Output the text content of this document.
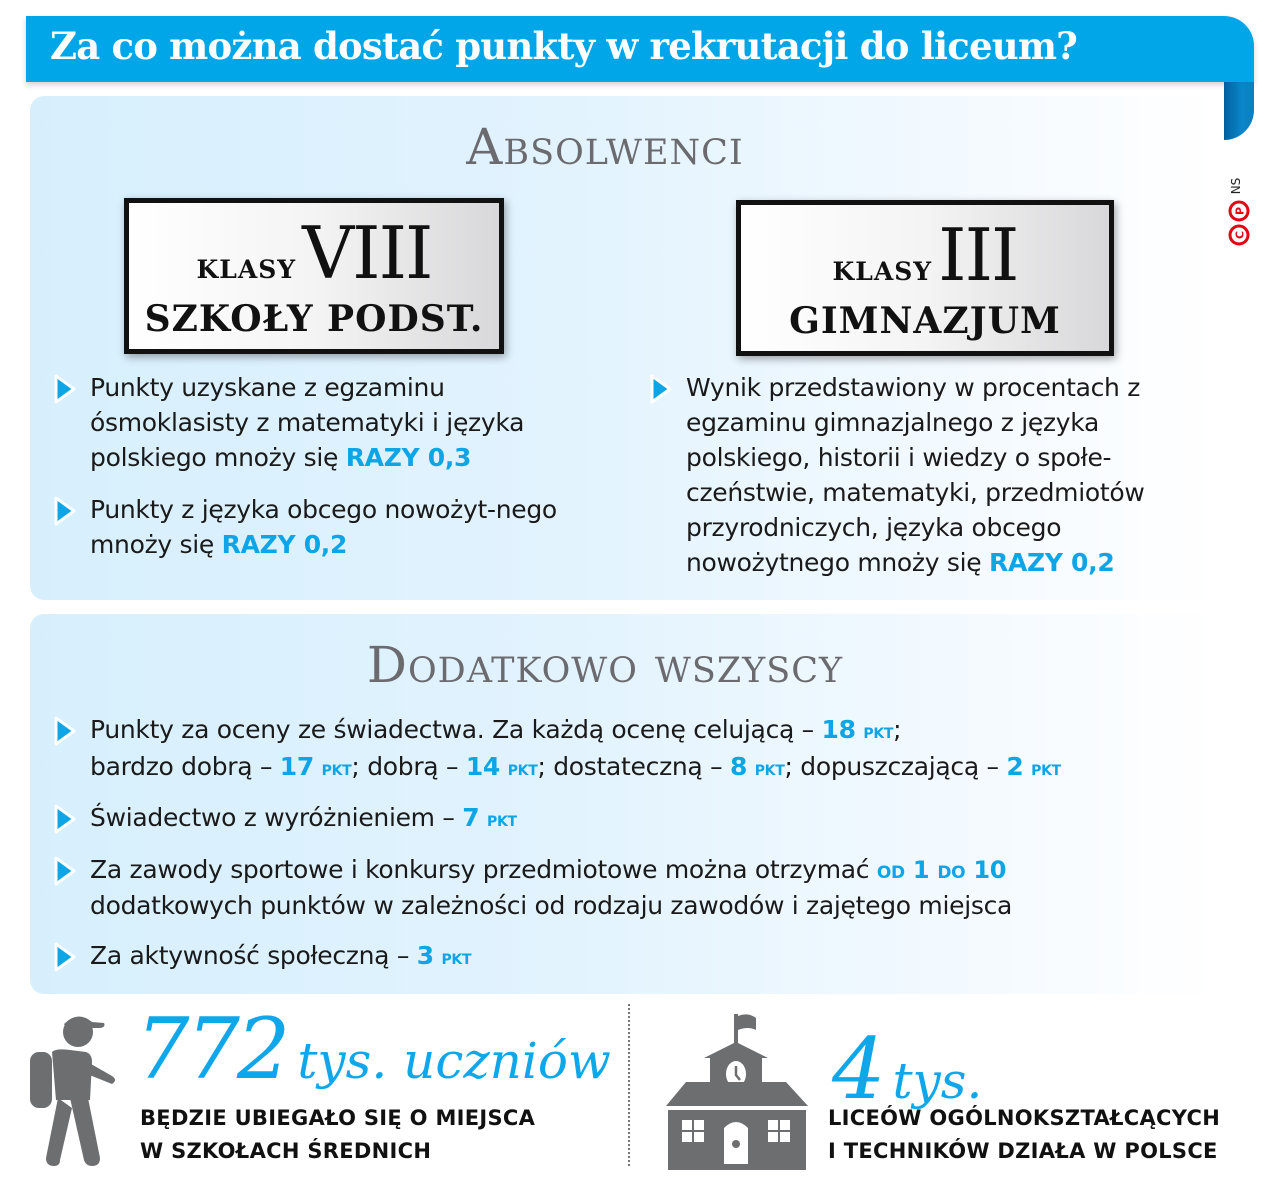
Za co można dostać punkty w rekrutacji do liceum?
NS
P
C
Absolwenci
klasyVIII
SZKOŁY PODST.
klasyIII
GIMNAZJUM
Punkty uzyskane z egzaminu ósmoklasisty z matematyki i języka polskiego mnoży się RAZY 0,3
Punkty z języka obcego nowożyt-nego mnoży się RAZY 0,2
Wynik przedstawiony w procentach z egzaminu gimnazjalnego z języka polskiego, historii i wiedzy o społe-czeństwie, matematyki, przedmiotów przyrodniczych, języka obcego nowożytnego mnoży się RAZY 0,2
Dodatkowo wszyscy
Punkty za oceny ze świadectwa. Za każdą ocenę celującą – 18 pkt;
bardzo dobrą – 17 pkt; dobrą – 14 pkt; dostateczną – 8 pkt; dopuszczającą – 2 pkt
Świadectwo z wyróżnieniem – 7 pkt
Za zawody sportowe i konkursy przedmiotowe można otrzymać od 1 do 10
dodatkowych punktów w zależności od rodzaju zawodów i zajętego miejsca
Za aktywność społeczną – 3 pkt
772 tys. uczniów
BĘDZIE UBIEGAŁO SIĘ O MIEJSCA
W SZKOŁACH ŚREDNICH
4 tys.
LICEÓW OGÓLNOKSZTAŁCĄCYCH
I TECHNIKÓW DZIAŁA W POLSCE
